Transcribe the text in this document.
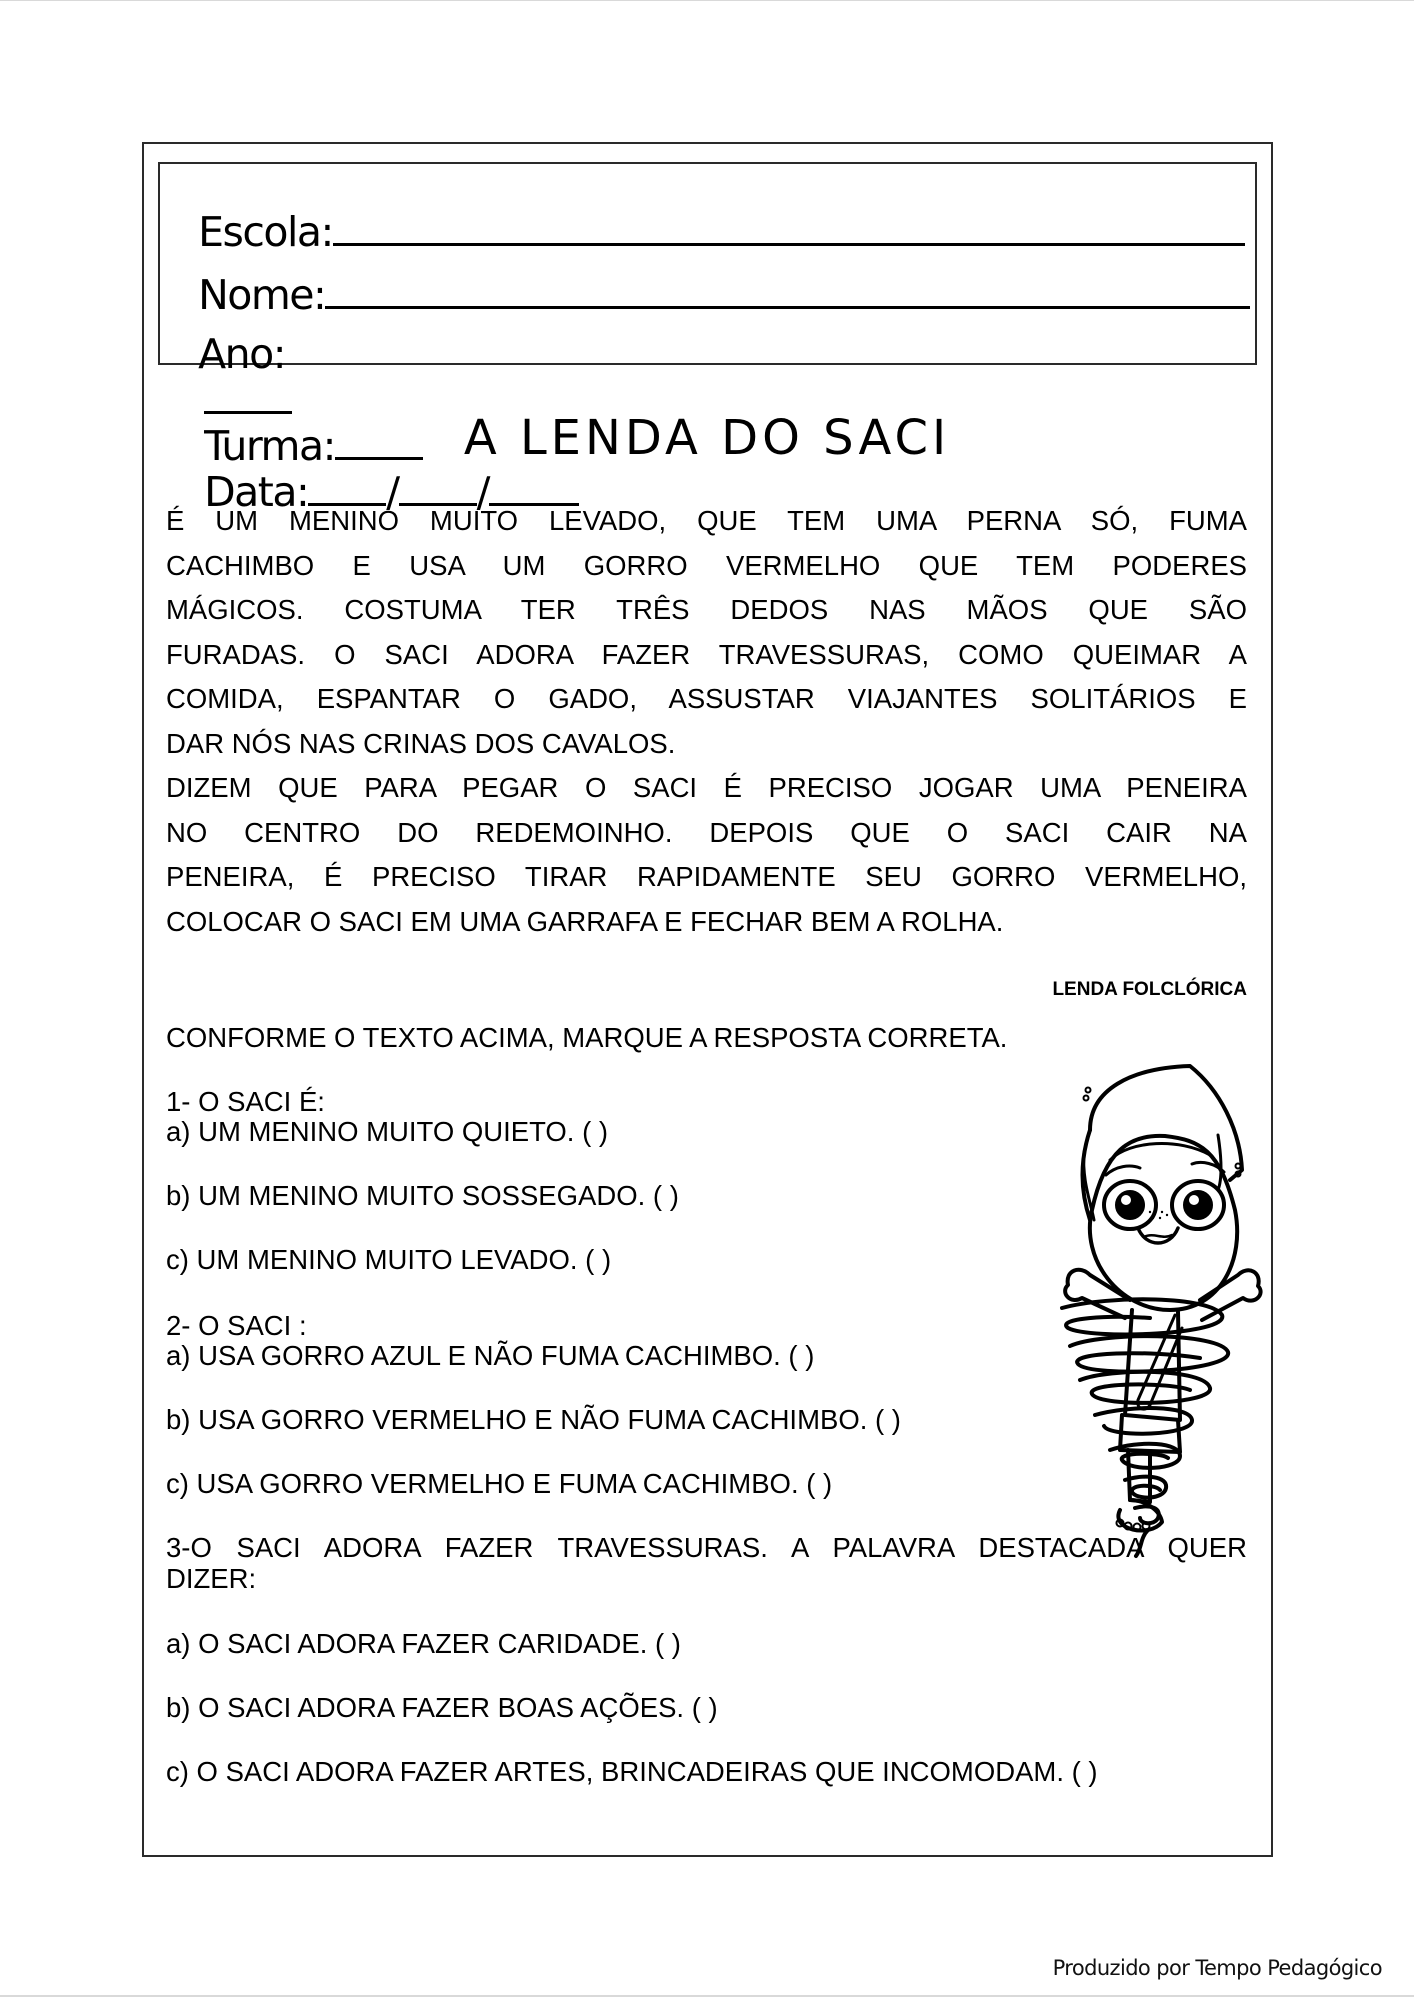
Escola:

Nome:

Ano:

Turma:
Data: / /

A LENDA DO SACI
É UM MENINO MUITO LEVADO, QUE TEM UMA PERNA SÓ, FUMA
CACHIMBO E USA UM GORRO VERMELHO QUE TEM PODERES
MÁGICOS. COSTUMA TER TRÊS DEDOS NAS MÃOS QUE SÃO
FURADAS. O SACI ADORA FAZER TRAVESSURAS, COMO QUEIMAR A
COMIDA, ESPANTAR O GADO, ASSUSTAR VIAJANTES SOLITÁRIOS E
DAR NÓS NAS CRINAS DOS CAVALOS.
DIZEM QUE PARA PEGAR O SACI É PRECISO JOGAR UMA PENEIRA
NO CENTRO DO REDEMOINHO. DEPOIS QUE O SACI CAIR NA
PENEIRA, É PRECISO TIRAR RAPIDAMENTE SEU GORRO VERMELHO,
COLOCAR O SACI EM UMA GARRAFA E FECHAR BEM A ROLHA.
LENDA FOLCLÓRICA
CONFORME O TEXTO ACIMA, MARQUE A RESPOSTA CORRETA.
1- O SACI É:
a) UM MENINO MUITO QUIETO. ( )
b) UM MENINO MUITO SOSSEGADO. ( )
c) UM MENINO MUITO LEVADO. ( )
2- O SACI :
a) USA GORRO AZUL E NÃO FUMA CACHIMBO. ( )
b) USA GORRO VERMELHO E NÃO FUMA CACHIMBO. ( )
c) USA GORRO VERMELHO E FUMA CACHIMBO. ( )
3-O SACI ADORA FAZER TRAVESSURAS. A PALAVRA DESTACADA QUER
DIZER:
a) O SACI ADORA FAZER CARIDADE. ( )
b) O SACI ADORA FAZER BOAS AÇÕES. ( )
c) O SACI ADORA FAZER ARTES, BRINCADEIRAS QUE INCOMODAM. ( )
Produzido por Tempo Pedagógico
